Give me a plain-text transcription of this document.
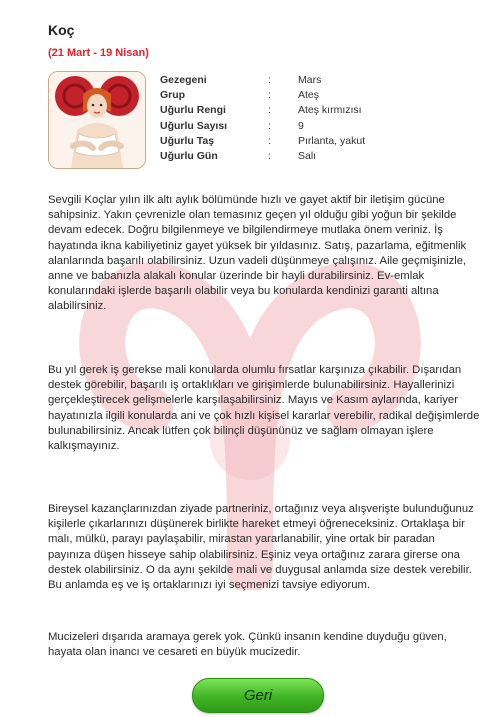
Koç
(21 Mart - 19 Nisan)
Gezegeni	:	Mars
Grup	:	Ateş
Uğurlu Rengi	:	Ateş kırmızısı
Uğurlu Sayısı	:	9
Uğurlu Taş	:	Pırlanta, yakut
Uğurlu Gün	:	Salı

Sevgili Koçlar yılın ilk altı aylık bölümünde hızlı ve gayet aktif bir iletişim gücüne sahipsiniz. Yakın çevrenizle olan temasınız geçen yıl olduğu gibi yoğun bir şekilde devam edecek. Doğru bilgilenmeye ve bilgilendirmeye mutlaka önem veriniz. İş hayatında ikna kabiliyetiniz gayet yüksek bir yıldasınız. Satış, pazarlama, eğitmenlik alanlarında başarılı olabilirsiniz. Uzun vadeli düşünmeye çalışınız. Aile geçmişinizle, anne ve babanızla alakalı konular üzerinde bir hayli durabilirsiniz. Ev-emlak konularındaki işlerde başarılı olabilir veya bu konularda kendinizi garanti altına alabilirsiniz.

Bu yıl gerek iş gerekse mali konularda olumlu fırsatlar karşınıza çıkabilir. Dışarıdan destek görebilir, başarılı iş ortaklıkları ve girişimlerde bulunabilirsiniz. Hayallerinizi gerçekleştirecek gelişmelerle karşılaşabilirsiniz. Mayıs ve Kasım aylarında, kariyer hayatınızla ilgili konularda ani ve çok hızlı kişisel kararlar verebilir, radikal değişimlerde bulunabilirsiniz. Ancak lütfen çok bilinçli düşününüz ve sağlam olmayan işlere kalkışmayınız.

Bireysel kazançlarınızdan ziyade partneriniz, ortağınız veya alışverişte bulunduğunuz kişilerle çıkarlarınızı düşünerek birlikte hareket etmeyi öğreneceksiniz. Ortaklaşa bir malı, mülkü, parayı paylaşabilir, mirastan yararlanabilir, yine ortak bir paradan payınıza düşen hisseye sahip olabilirsiniz. Eşiniz veya ortağınız zarara girerse ona destek olabilirsiniz. O da aynı şekilde mali ve duygusal anlamda size destek verebilir. Bu anlamda eş ve iş ortaklarınızı iyi seçmenizi tavsiye ediyorum.

Mucizeleri dışarıda aramaya gerek yok. Çünkü insanın kendine duyduğu güven, hayata olan inancı ve cesareti en büyük mucizedir.

Geri
